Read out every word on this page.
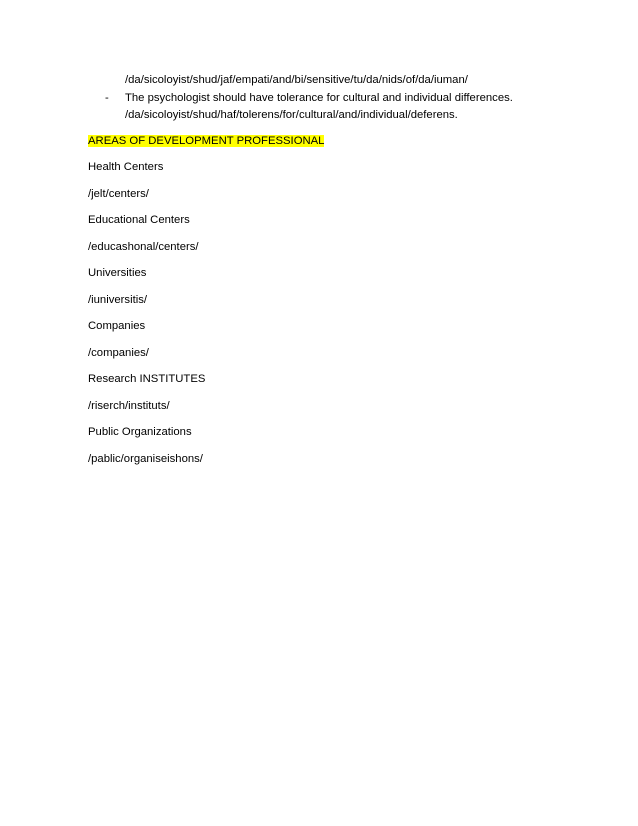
/da/sicoloyist/shud/jaf/empati/and/bi/sensitive/tu/da/nids/of/da/iuman/
- The psychologist should have tolerance for cultural and individual differences.
/da/sicoloyist/shud/haf/tolerens/for/cultural/and/individual/deferens.
AREAS OF DEVELOPMENT PROFESSIONAL
Health Centers
/jelt/centers/
Educational Centers
/educashonal/centers/
Universities
/iuniversitis/
Companies
/companies/
Research INSTITUTES
/riserch/instituts/
Public Organizations
/pablic/organiseishons/
